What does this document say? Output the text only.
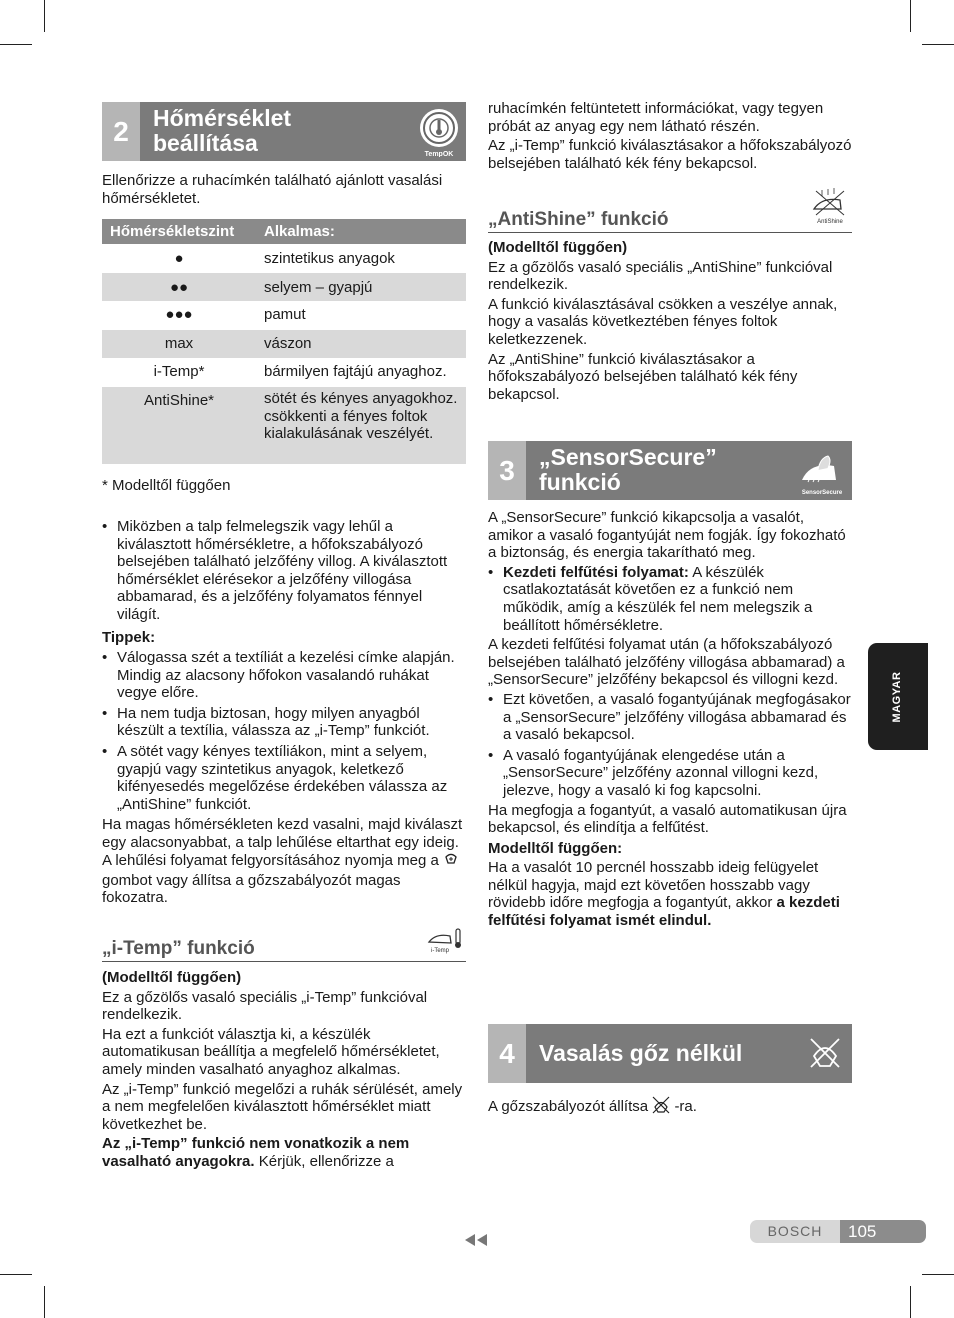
2	Hőmérséklet
beállítása	TempOK

Ellenőrizze a ruhacímkén található ajánlott vasalási hőmérsékletet.

Hőmérsékletszint	Alkalmas:
●	szintetikus anyagok
●●	selyem – gyapjú
●●●	pamut
max	vászon
i-Temp*	bármilyen fajtájú anyaghoz.
AntiShine*	sötét és kényes anyagokhoz. csökkenti a fényes foltok kialakulásának veszélyét.

* Modelltől függően

• Miközben a talp felmelegszik vagy lehűl a kiválasztott hőmérsékletre, a hőfokszabályozó belsejében található jelzőfény villog. A kiválasztott hőmérséklet elérésekor a jelzőfény villogása abbamarad, és a jelzőfény folyamatos fénnyel világít.

Tippek:

• Válogassa szét a textíliát a kezelési címke alapján. Mindig az alacsony hőfokon vasalandó ruhákat vegye előre.
• Ha nem tudja biztosan, hogy milyen anyagból készült a textília, válassza az „i-Temp” funkciót.
• A sötét vagy kényes textíliákon, mint a selyem, gyapjú vagy szintetikus anyagok, keletkező kifényesedés megelőzése érdekében válassza az „AntiShine” funkciót.

Ha magas hőmérsékleten kezd vasalni, majd kiválaszt egy alacsonyabbat, a talp lehűlése eltarthat egy ideig. A lehűlési folyamat felgyorsításához nyomja meg a  gombot vagy állítsa a gőzszabályozót magas fokozatra.

„i-Temp” funkció	i-Temp

(Modelltől függően)

Ez a gőzölős vasaló speciális „i-Temp” funkcióval rendelkezik.

Ha ezt a funkciót választja ki, a készülék automatikusan beállítja a megfelelő hőmérsékletet, amely minden vasalható anyaghoz alkalmas.

Az „i-Temp” funkció megelőzi a ruhák sérülését, amely a nem megfelelően kiválasztott hőmérséklet miatt következhet be.

Az „i-Temp” funkció nem vonatkozik a nem vasalható anyagokra. Kérjük, ellenőrizze a

ruhacímkén feltüntetett információkat, vagy tegyen próbát az anyag egy nem látható részén.

Az „i-Temp” funkció kiválasztásakor a hőfokszabályozó belsejében található kék fény bekapcsol.

„AntiShine” funkció	AntiShine

(Modelltől függően)

Ez a gőzölős vasaló speciális „AntiShine” funkcióval rendelkezik.

A funkció kiválasztásával csökken a veszélye annak, hogy a vasalás következtében fényes foltok keletkezzenek.

Az „AntiShine” funkció kiválasztásakor a hőfokszabályozó belsejében található kék fény bekapcsol.

3	„SensorSecure”
funkció	SensorSecure

A „SensorSecure” funkció kikapcsolja a vasalót, amikor a vasaló fogantyúját nem fogják. Így fokozható a biztonság, és energia takarítható meg.

• Kezdeti felfűtési folyamat: A készülék csatlakoztatását követően ez a funkció nem működik, amíg a készülék fel nem melegszik a beállított hőmérsékletre.

A kezdeti felfűtési folyamat után (a hőfokszabályozó belsejében található jelzőfény villogása abbamarad) a „SensorSecure” jelzőfény bekapcsol és villogni kezd.

• Ezt követően, a vasaló fogantyújának megfogásakor a „SensorSecure” jelzőfény villogása abbamarad és a vasaló bekapcsol.
• A vasaló fogantyújának elengedése után a „SensorSecure” jelzőfény azonnal villogni kezd, jelezve, hogy a vasaló ki fog kapcsolni.

Ha megfogja a fogantyút, a vasaló automatikusan újra bekapcsol, és elindítja a felfűtést.

Modelltől függően:

Ha a vasalót 10 percnél hosszabb ideig felügyelet nélkül hagyja, majd ezt követően hosszabb vagy rövidebb időre megfogja a fogantyút, akkor a kezdeti felfűtési folyamat ismét elindul.

4	Vasalás gőz nélkül

A gőzszabályozót állítsa -ra.

MAGYAR
BOSCH	105
